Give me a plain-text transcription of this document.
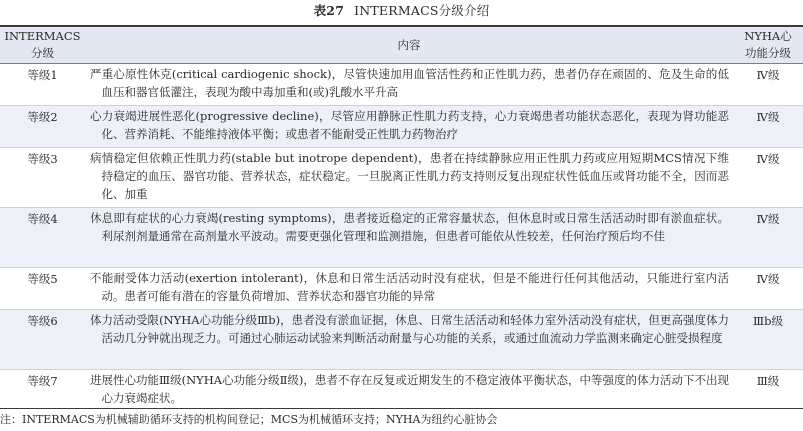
表27 INTERMACS分级介绍
INTERMACS
分级	内容	NYHA心
功能分级

等级1	严重心原性休克(critical cardiogenic shock)，尽管快速加用血管活性药和正性肌力药，患者仍存在顽固的、危及生命的低血压和器官低灌注，表现为酸中毒加重和(或)乳酸水平升高	Ⅳ级
等级2	心力衰竭进展性恶化(progressive decline)，尽管应用静脉正性肌力药支持，心力衰竭患者功能状态恶化，表现为肾功能恶化、营养消耗、不能维持液体平衡；或患者不能耐受正性肌力药物治疗	Ⅳ级
等级3	病情稳定但依赖正性肌力药(stable but inotrope dependent)，患者在持续静脉应用正性肌力药或应用短期MCS情况下维持稳定的血压、器官功能、营养状态，症状稳定。一旦脱离正性肌力药支持则反复出现症状性低血压或肾功能不全，因而恶化、加重	Ⅳ级
等级4	休息即有症状的心力衰竭(resting symptoms)，患者接近稳定的正常容量状态，但休息时或日常生活活动时即有淤血症状。利尿剂剂量通常在高剂量水平波动。需要更强化管理和监测措施，但患者可能依从性较差，任何治疗预后均不佳	Ⅳ级
等级5	不能耐受体力活动(exertion intolerant)，休息和日常生活活动时没有症状，但是不能进行任何其他活动，只能进行室内活动。患者可能有潜在的容量负荷增加、营养状态和器官功能的异常	Ⅳ级
等级6	体力活动受限(NYHA心功能分级Ⅲb)，患者没有淤血证据，休息、日常生活活动和轻体力室外活动没有症状，但更高强度体力活动几分钟就出现乏力。可通过心肺运动试验来判断活动耐量与心功能的关系，或通过血流动力学监测来确定心脏受损程度	Ⅲb级
等级7	进展性心功能Ⅲ级(NYHA心功能分级Ⅱ级)，患者不存在反复或近期发生的不稳定液体平衡状态，中等强度的体力活动下不出现心力衰竭症状。	Ⅲ级
注：INTERMACS为机械辅助循环支持的机构间登记；MCS为机械循环支持；NYHA为纽约心脏协会
